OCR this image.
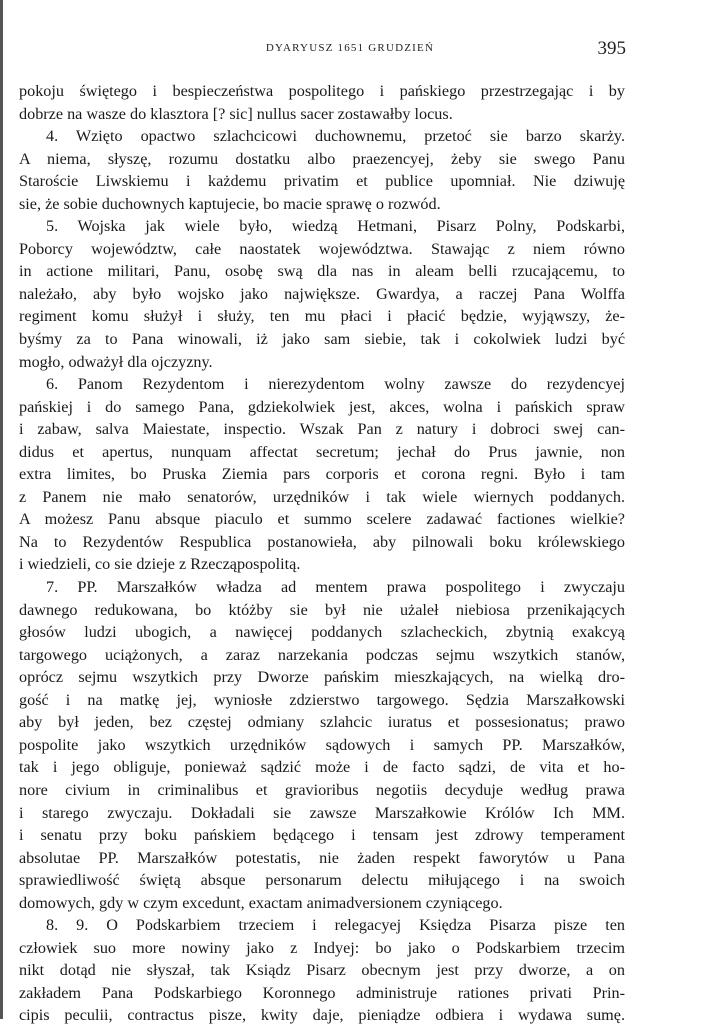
DYARYUSZ 1651 GRUDZIEŃ	395
pokoju świętego i bespieczeństwa pospolitego i pańskiego przestrzegając i by
dobrze na wasze do klasztora [? sic] nullus sacer zostawałby locus.
4. Wzięto opactwo szlachcicowi duchownemu, przetoć sie barzo skarży.
A niema, słyszę, rozumu dostatku albo praezencyej, żeby sie swego Panu
Staroście Liwskiemu i każdemu privatim et publice upomniał. Nie dziwuję
sie, że sobie duchownych kaptujecie, bo macie sprawę o rozwód.
5. Wojska jak wiele było, wiedzą Hetmani, Pisarz Polny, Podskarbi,
Poborcy województw, całe naostatek województwa. Stawając z niem równo
in actione militari, Panu, osobę swą dla nas in aleam belli rzucającemu, to
należało, aby było wojsko jako największe. Gwardya, a raczej Pana Wolffa
regiment komu służył i służy, ten mu płaci i płacić będzie, wyjąwszy, że-
byśmy za to Pana winowali, iż jako sam siebie, tak i cokolwiek ludzi być
mogło, odważył dla ojczyzny.
6. Panom Rezydentom i nierezydentom wolny zawsze do rezydencyej
pańskiej i do samego Pana, gdziekolwiek jest, akces, wolna i pańskich spraw
i zabaw, salva Maiestate, inspectio. Wszak Pan z natury i dobroci swej can-
didus et apertus, nunquam affectat secretum; jechał do Prus jawnie, non
extra limites, bo Pruska Ziemia pars corporis et corona regni. Było i tam
z Panem nie mało senatorów, urzędników i tak wiele wiernych poddanych.
A możesz Panu absque piaculo et summo scelere zadawać factiones wielkie?
Na to Rezydentów Respublica postanowieła, aby pilnowali boku królewskiego
i wiedzieli, co sie dzieje z Rzecząpospolitą.
7. PP. Marszałków władza ad mentem prawa pospolitego i zwyczaju
dawnego redukowana, bo któżby sie był nie użaleł niebiosa przenikających
głosów ludzi ubogich, a nawięcej poddanych szlacheckich, zbytnią exakcyą
targowego uciążonych, a zaraz narzekania podczas sejmu wszytkich stanów,
oprócz sejmu wszytkich przy Dworze pańskim mieszkających, na wielką dro-
gość i na matkę jej, wyniosłe zdzierstwo targowego. Sędzia Marszałkowski
aby był jeden, bez częstej odmiany szlahcic iuratus et possesionatus; prawo
pospolite jako wszytkich urzędników sądowych i samych PP. Marszałków,
tak i jego obliguje, ponieważ sądzić może i de facto sądzi, de vita et ho-
nore civium in criminalibus et gravioribus negotiis decyduje według prawa
i starego zwyczaju. Dokładali sie zawsze Marszałkowie Królów Ich MM.
i senatu przy boku pańskiem będącego i tensam jest zdrowy temperament
absolutae PP. Marszałków potestatis, nie żaden respekt faworytów u Pana
sprawiedliwość świętą absque personarum delectu miłującego i na swoich
domowych, gdy w czym excedunt, exactam animadversionem czyniącego.
8. 9. O Podskarbiem trzeciem i relegacyej Księdza Pisarza pisze ten
człowiek suo more nowiny jako z Indyej: bo jako o Podskarbiem trzecim
nikt dotąd nie słyszał, tak Ksiądz Pisarz obecnym jest przy dworze, a on
zakładem Pana Podskarbiego Koronnego administruje rationes privati Prin-
cipis peculii, contractus pisze, kwity daje, pieniądze odbiera i wydawa sumę.
